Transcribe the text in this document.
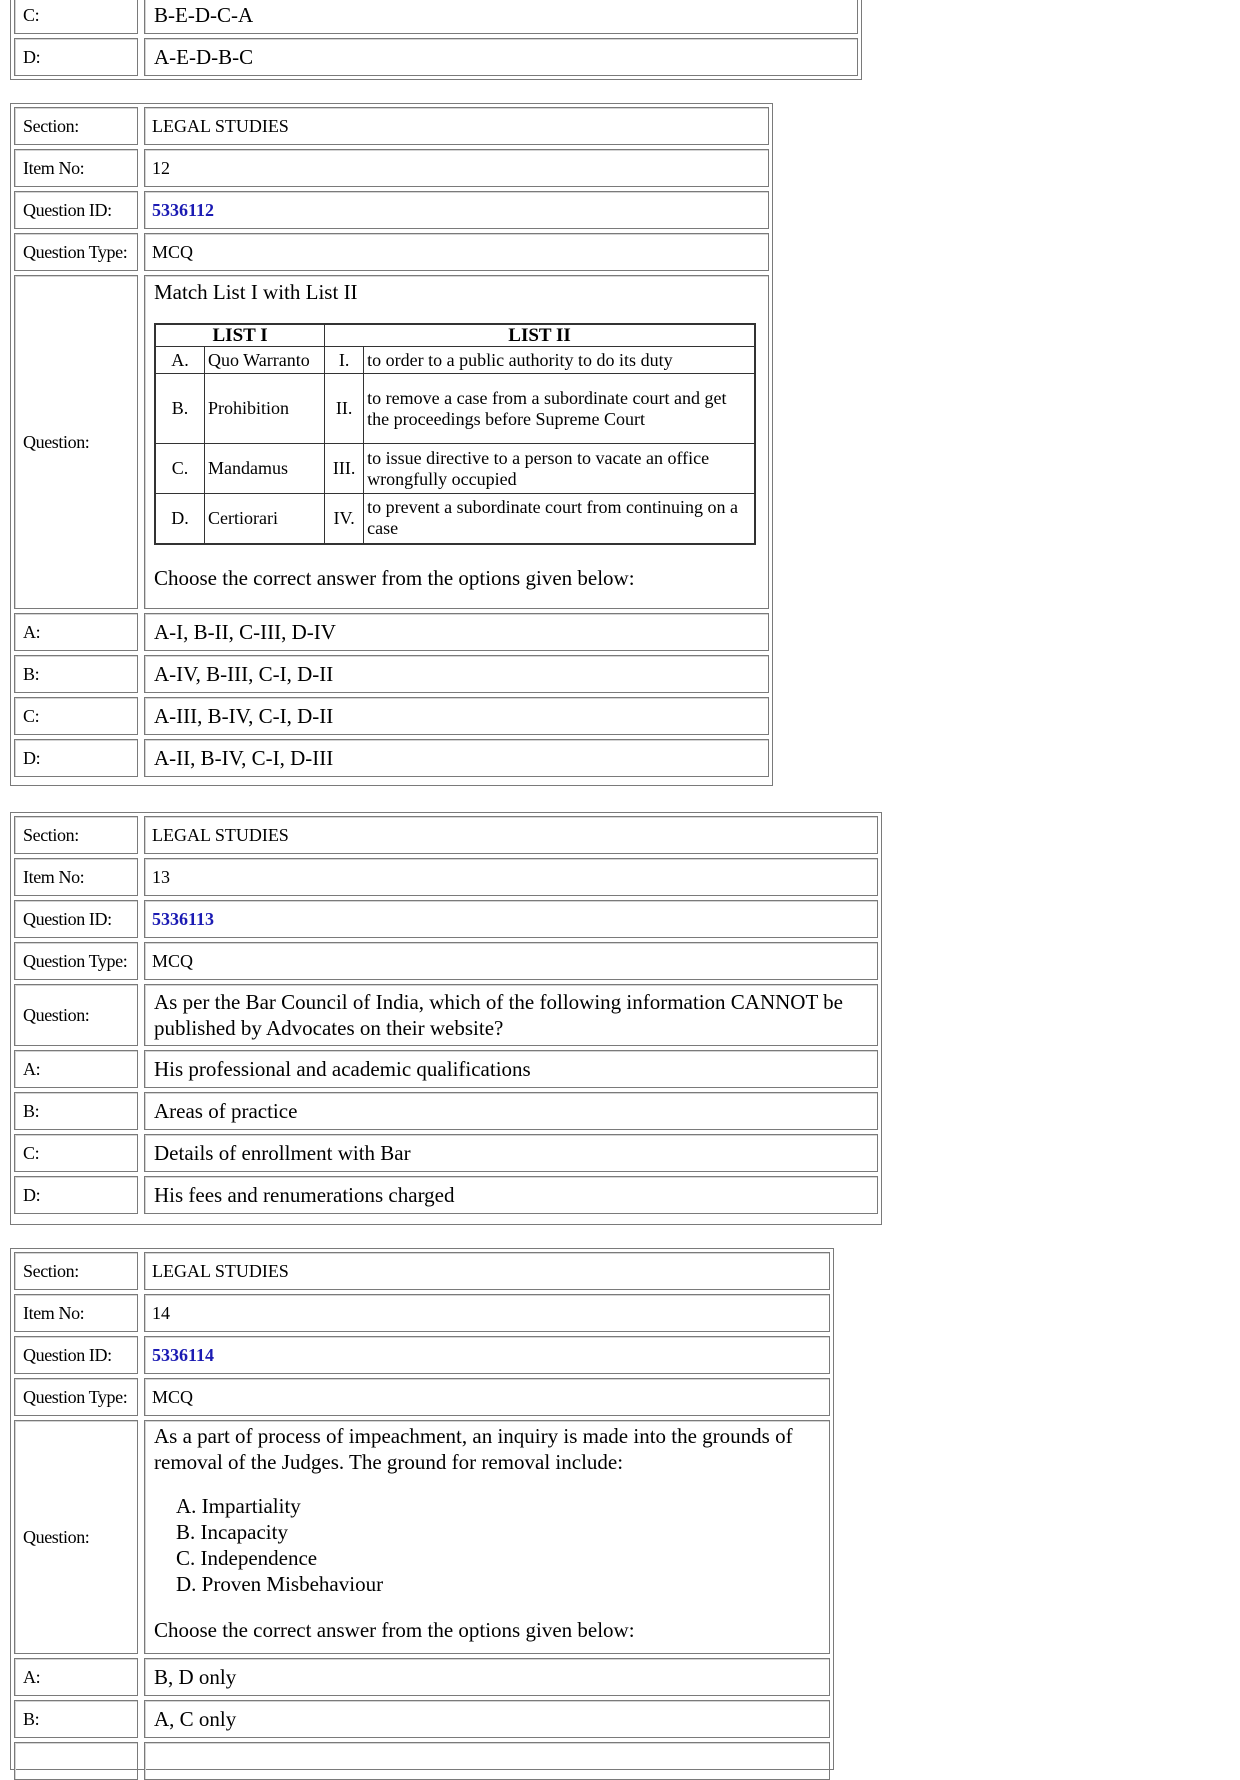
C:	B-E-D-C-A
D:	A-E-D-B-C
Section:	LEGAL STUDIES
Item No:	12
Question ID:	5336112
Question Type:	MCQ
Question:
Match List I with List II
LIST I		LIST II	
A.	Quo Warranto	I.	to order to a public authority to do its duty
B.	Prohibition	II.	to remove a case from a subordinate court and get the proceedings before Supreme Court
C.	Mandamus	III.	to issue directive to a person to vacate an office wrongfully occupied
D.	Certiorari	IV.	to prevent a subordinate court from continuing on a case
Choose the correct answer from the options given below:
A:	A-I, B-II, C-III, D-IV
B:	A-IV, B-III, C-I, D-II
C:	A-III, B-IV, C-I, D-II
D:	A-II, B-IV, C-I, D-III
Section:	LEGAL STUDIES
Item No:	13
Question ID:	5336113
Question Type:	MCQ
Question:
As per the Bar Council of India, which of the following information CANNOT be published by Advocates on their website?
A:	His professional and academic qualifications
B:	Areas of practice
C:	Details of enrollment with Bar
D:	His fees and renumerations charged
Section:	LEGAL STUDIES
Item No:	14
Question ID:	5336114
Question Type:	MCQ
Question:
As a part of process of impeachment, an inquiry is made into the grounds of removal of the Judges. The ground for removal include:
A. Impartiality
B. Incapacity
C. Independence
D. Proven Misbehaviour
Choose the correct answer from the options given below:
A:	B, D only
B:	A, C only
